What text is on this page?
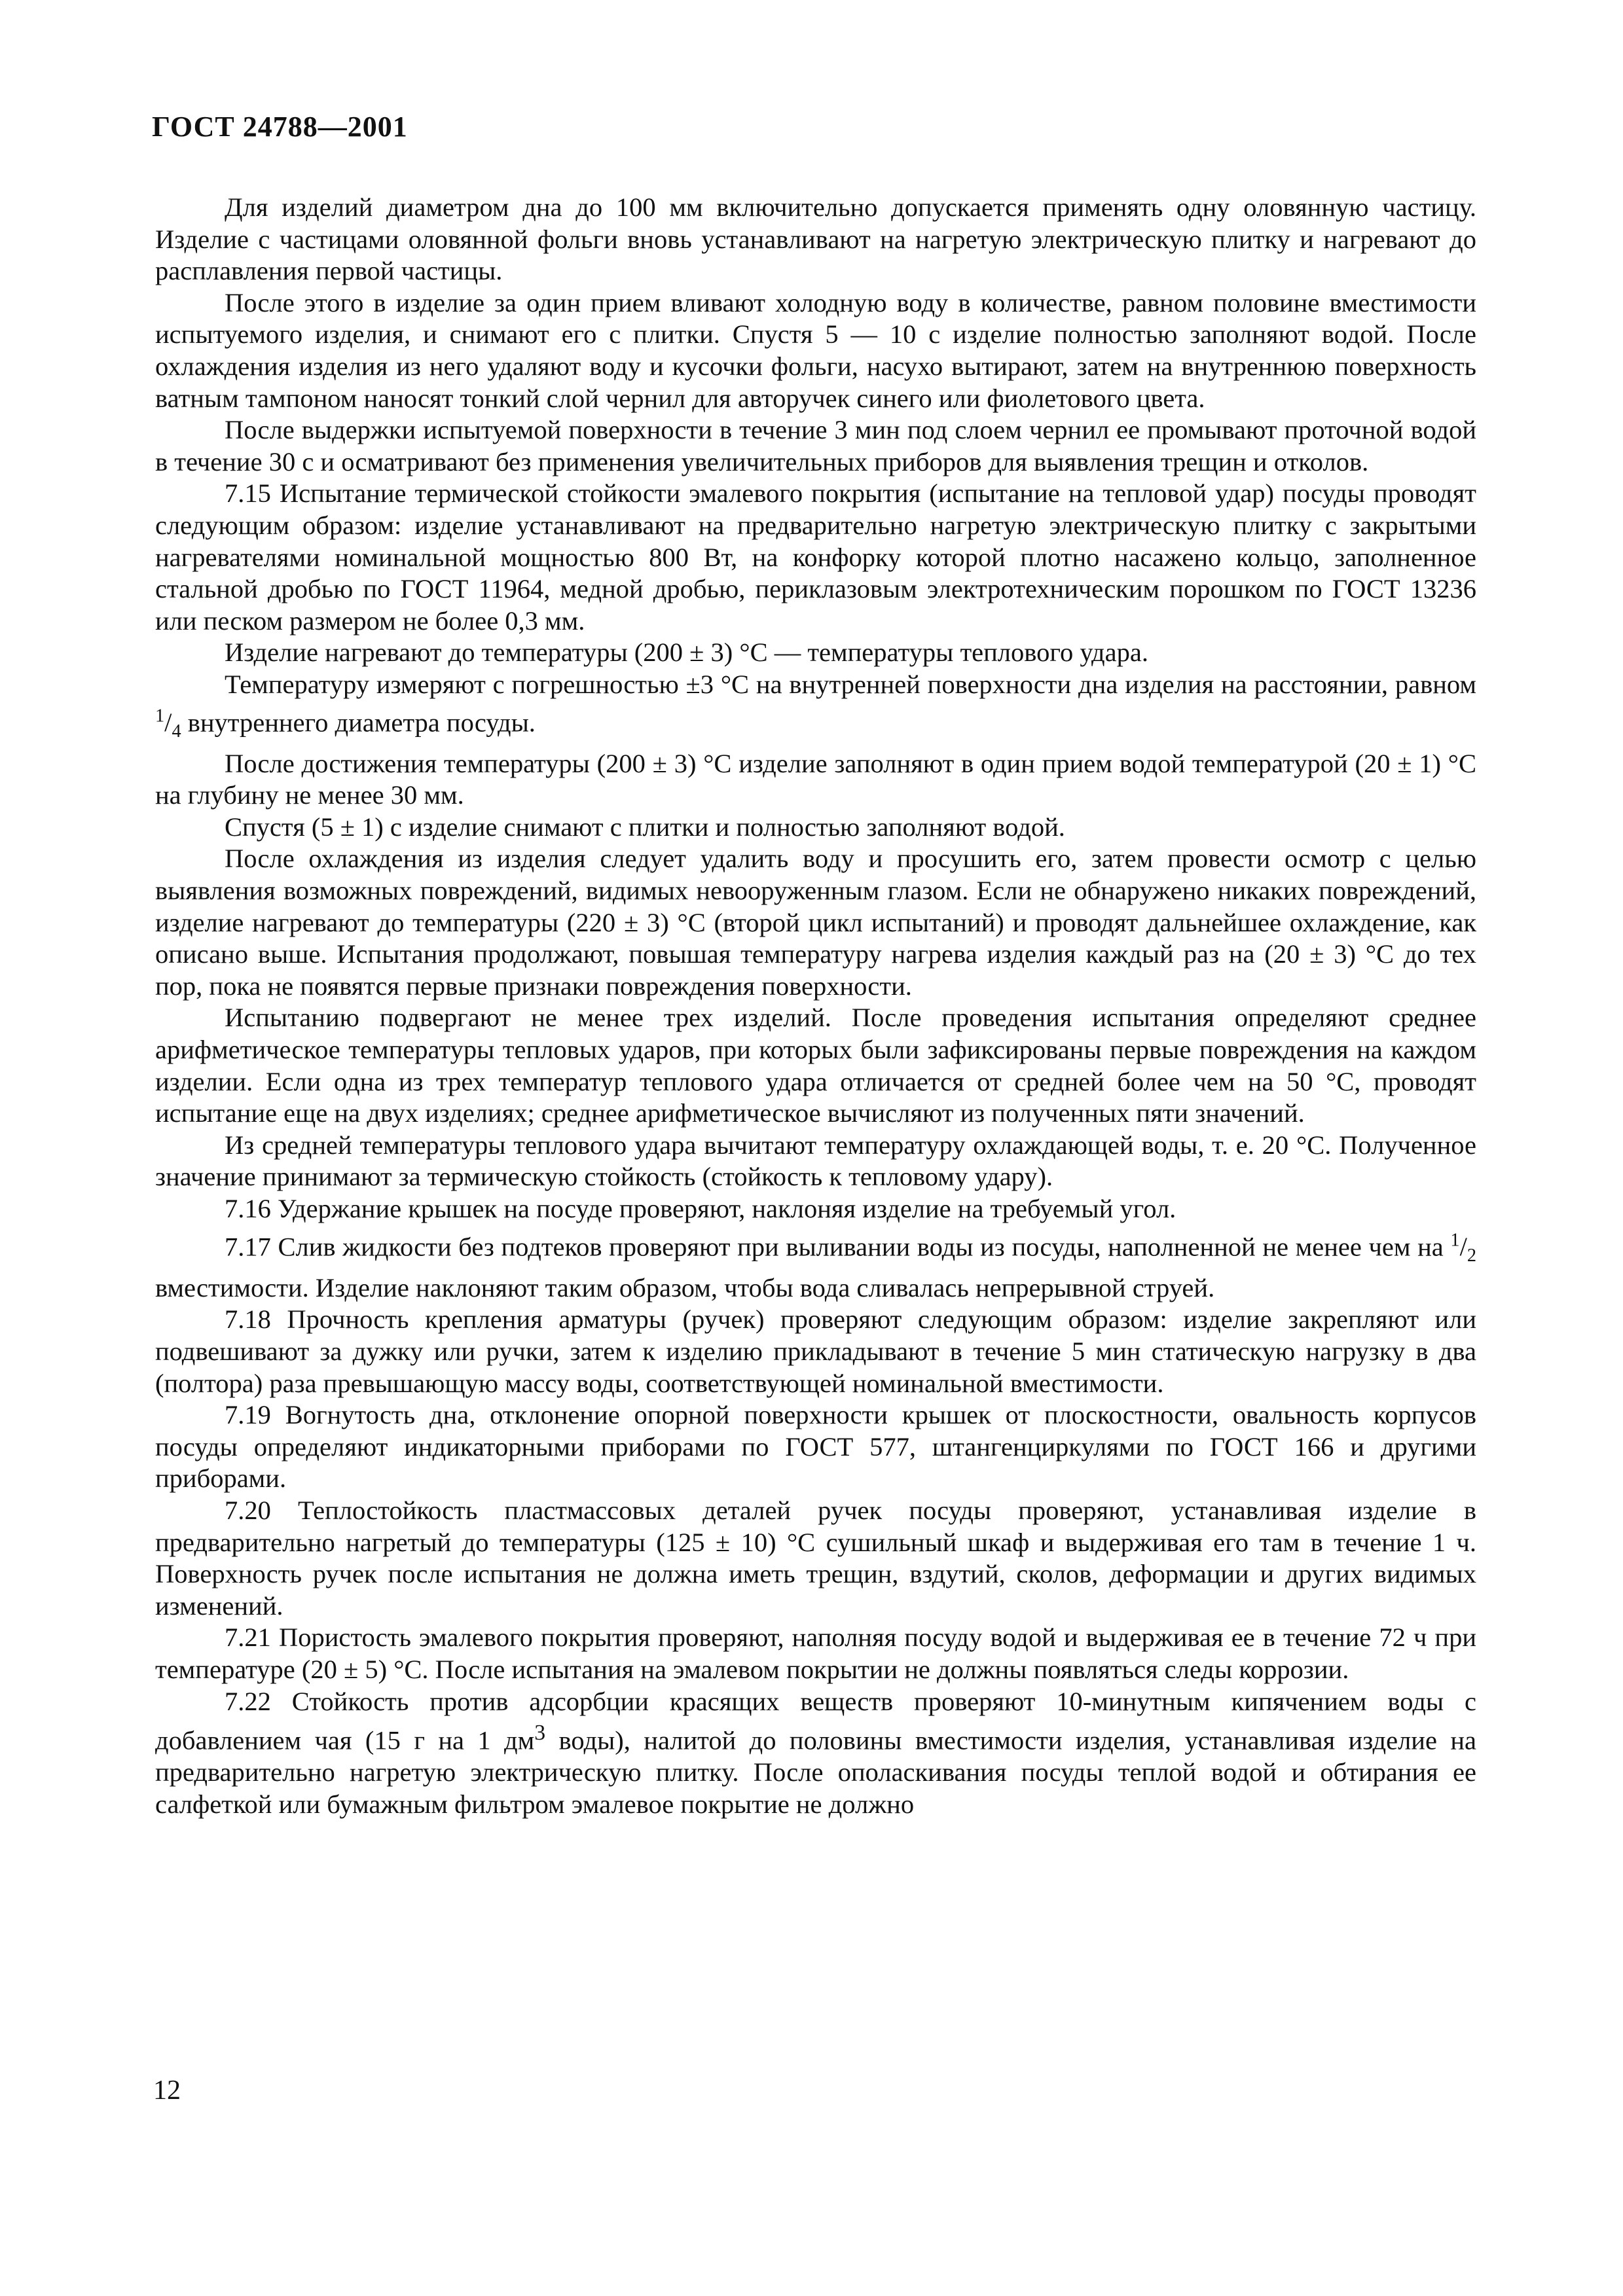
ГОСТ 24788—2001

Для изделий диаметром дна до 100 мм включительно допускается применять одну оловянную частицу. Изделие с частицами оловянной фольги вновь устанавливают на нагретую электрическую плитку и нагревают до расплавления первой частицы.

После этого в изделие за один прием вливают холодную воду в количестве, равном половине вместимости испытуемого изделия, и снимают его с плитки. Спустя 5 — 10 с изделие полностью заполняют водой. После охлаждения изделия из него удаляют воду и кусочки фольги, насухо вытирают, затем на внутреннюю поверхность ватным тампоном наносят тонкий слой чернил для авторучек синего или фиолетового цвета.

После выдержки испытуемой поверхности в течение 3 мин под слоем чернил ее промывают проточной водой в течение 30 с и осматривают без применения увеличительных приборов для выявления трещин и отколов.

7.15 Испытание термической стойкости эмалевого покрытия (испытание на тепловой удар) посуды проводят следующим образом: изделие устанавливают на предварительно нагретую электрическую плитку с закрытыми нагревателями номинальной мощностью 800 Вт, на конфорку которой плотно насажено кольцо, заполненное стальной дробью по ГОСТ 11964, медной дробью, периклазовым электротехническим порошком по ГОСТ 13236 или песком размером не более 0,3 мм.

Изделие нагревают до температуры (200 ± 3) °С — температуры теплового удара.

Температуру измеряют с погрешностью ±3 °С на внутренней поверхности дна изделия на расстоянии, равном $^1/_4$ внутреннего диаметра посуды.

После достижения температуры (200 ± 3) °С изделие заполняют в один прием водой температурой (20 ± 1) °С на глубину не менее 30 мм.

Спустя (5 ± 1) с изделие снимают с плитки и полностью заполняют водой.

После охлаждения из изделия следует удалить воду и просушить его, затем провести осмотр с целью выявления возможных повреждений, видимых невооруженным глазом. Если не обнаружено никаких повреждений, изделие нагревают до температуры (220 ± 3) °С (второй цикл испытаний) и проводят дальнейшее охлаждение, как описано выше. Испытания продолжают, повышая температуру нагрева изделия каждый раз на (20 ± 3) °С до тех пор, пока не появятся первые признаки повреждения поверхности.

Испытанию подвергают не менее трех изделий. После проведения испытания определяют среднее арифметическое температуры тепловых ударов, при которых были зафиксированы первые повреждения на каждом изделии. Если одна из трех температур теплового удара отличается от средней более чем на 50 °С, проводят испытание еще на двух изделиях; среднее арифметическое вычисляют из полученных пяти значений.

Из средней температуры теплового удара вычитают температуру охлаждающей воды, т. е. 20 °С. Полученное значение принимают за термическую стойкость (стойкость к тепловому удару).

7.16 Удержание крышек на посуде проверяют, наклоняя изделие на требуемый угол.

7.17 Слив жидкости без подтеков проверяют при выливании воды из посуды, наполненной не менее чем на $^1/_2$ вместимости. Изделие наклоняют таким образом, чтобы вода сливалась непрерывной струей.

7.18 Прочность крепления арматуры (ручек) проверяют следующим образом: изделие закрепляют или подвешивают за дужку или ручки, затем к изделию прикладывают в течение 5 мин статическую нагрузку в два (полтора) раза превышающую массу воды, соответствующей номинальной вместимости.

7.19 Вогнутость дна, отклонение опорной поверхности крышек от плоскостности, овальность корпусов посуды определяют индикаторными приборами по ГОСТ 577, штангенциркулями по ГОСТ 166 и другими приборами.

7.20 Теплостойкость пластмассовых деталей ручек посуды проверяют, устанавливая изделие в предварительно нагретый до температуры (125 ± 10) °С сушильный шкаф и выдерживая его там в течение 1 ч. Поверхность ручек после испытания не должна иметь трещин, вздутий, сколов, деформации и других видимых изменений.

7.21 Пористость эмалевого покрытия проверяют, наполняя посуду водой и выдерживая ее в течение 72 ч при температуре (20 ± 5) °С. После испытания на эмалевом покрытии не должны появляться следы коррозии.

7.22 Стойкость против адсорбции красящих веществ проверяют 10-минутным кипячением воды с добавлением чая (15 г на 1 $дм^3$ воды), налитой до половины вместимости изделия, устанавливая изделие на предварительно нагретую электрическую плитку. После ополаскивания посуды теплой водой и обтирания ее салфеткой или бумажным фильтром эмалевое покрытие не должно

12
